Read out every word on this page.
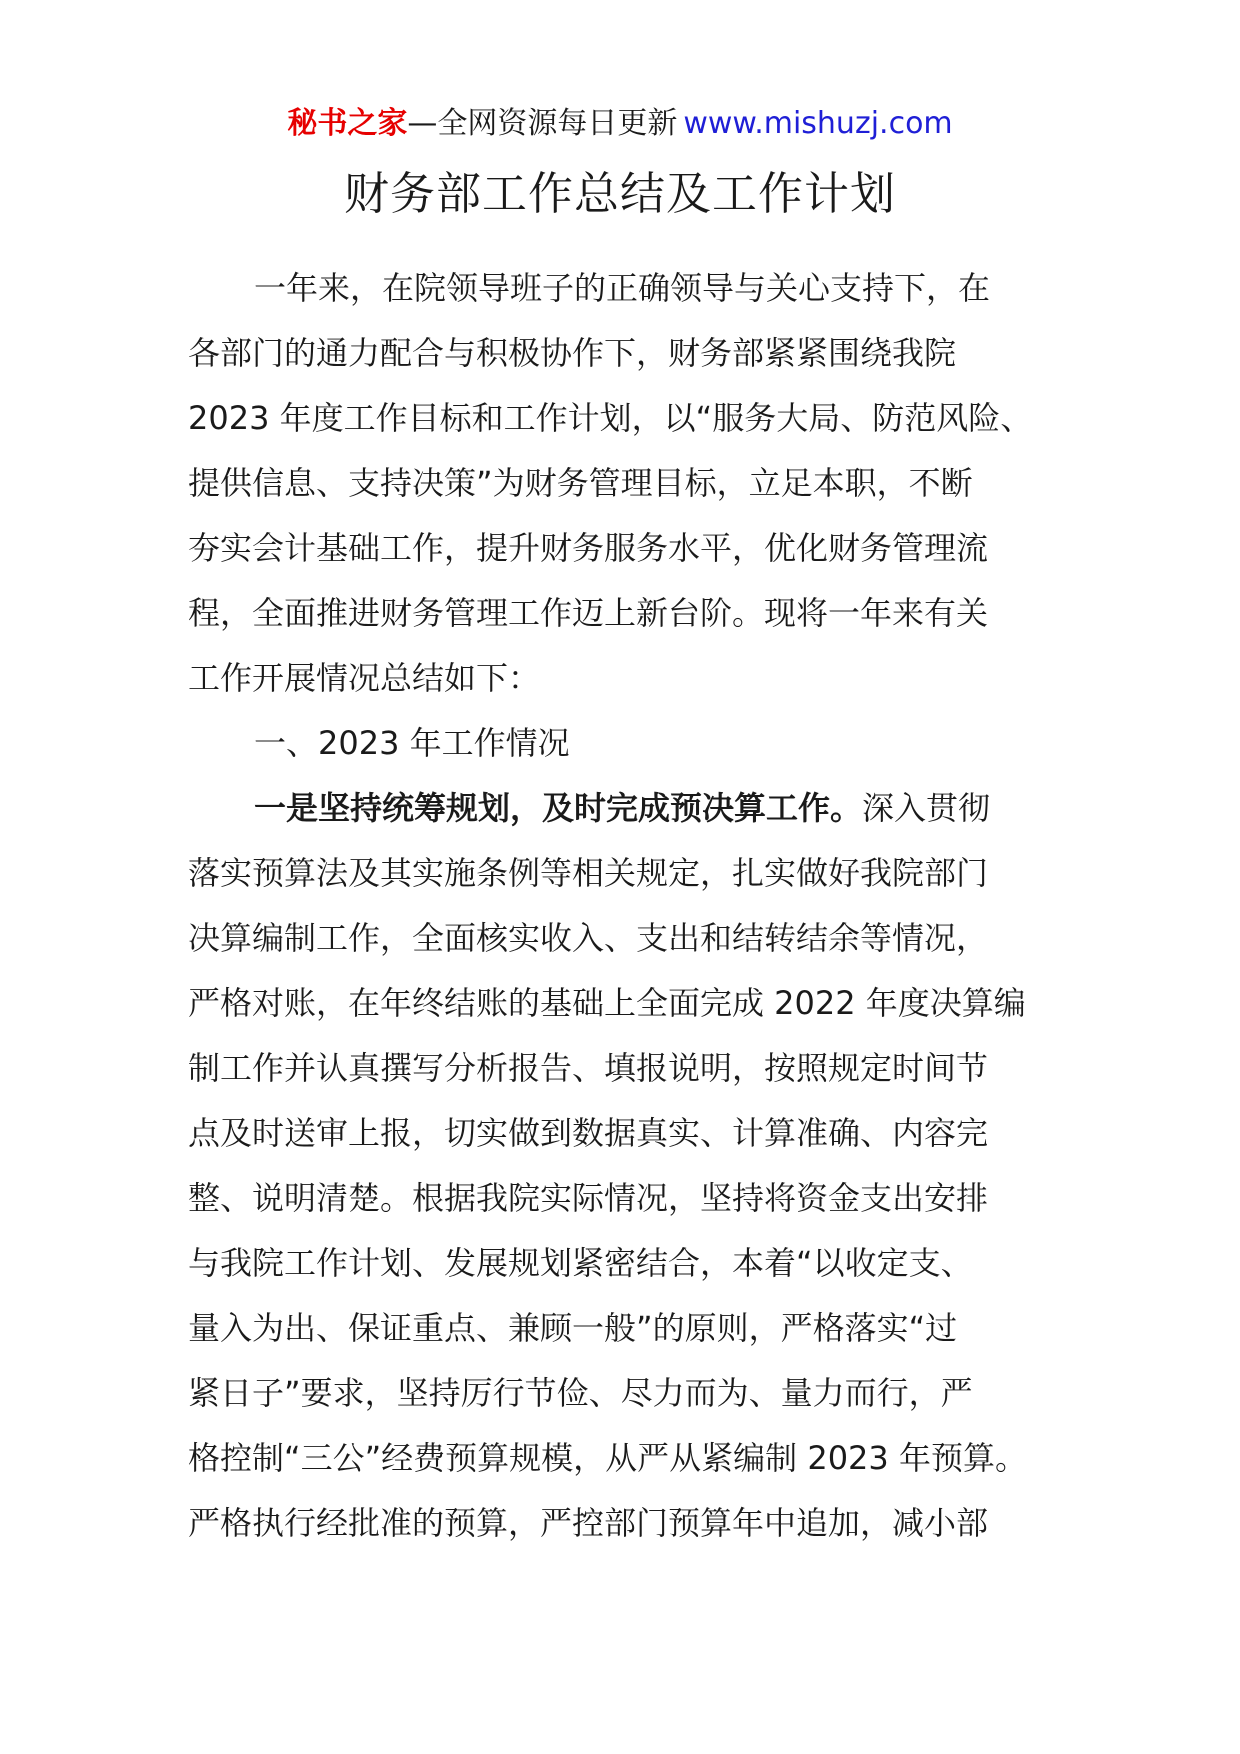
秘书之家—全网资源每日更新 www.mishuzj.com
财务部工作总结及工作计划
一年来，在院领导班子的正确领导与关心支持下，在
各部门的通力配合与积极协作下，财务部紧紧围绕我院
2023 年度工作目标和工作计划，以“服务大局、防范风险、
提供信息、支持决策”为财务管理目标，立足本职，不断
夯实会计基础工作，提升财务服务水平，优化财务管理流
程，全面推进财务管理工作迈上新台阶。现将一年来有关
工作开展情况总结如下：
一、2023 年工作情况
一是坚持统筹规划，及时完成预决算工作。深入贯彻
落实预算法及其实施条例等相关规定，扎实做好我院部门
决算编制工作，全面核实收入、支出和结转结余等情况，
严格对账，在年终结账的基础上全面完成 2022 年度决算编
制工作并认真撰写分析报告、填报说明，按照规定时间节
点及时送审上报，切实做到数据真实、计算准确、内容完
整、说明清楚。根据我院实际情况，坚持将资金支出安排
与我院工作计划、发展规划紧密结合，本着“以收定支、
量入为出、保证重点、兼顾一般”的原则，严格落实“过
紧日子”要求，坚持厉行节俭、尽力而为、量力而行，严
格控制“三公”经费预算规模，从严从紧编制 2023 年预算。
严格执行经批准的预算，严控部门预算年中追加，减小部
